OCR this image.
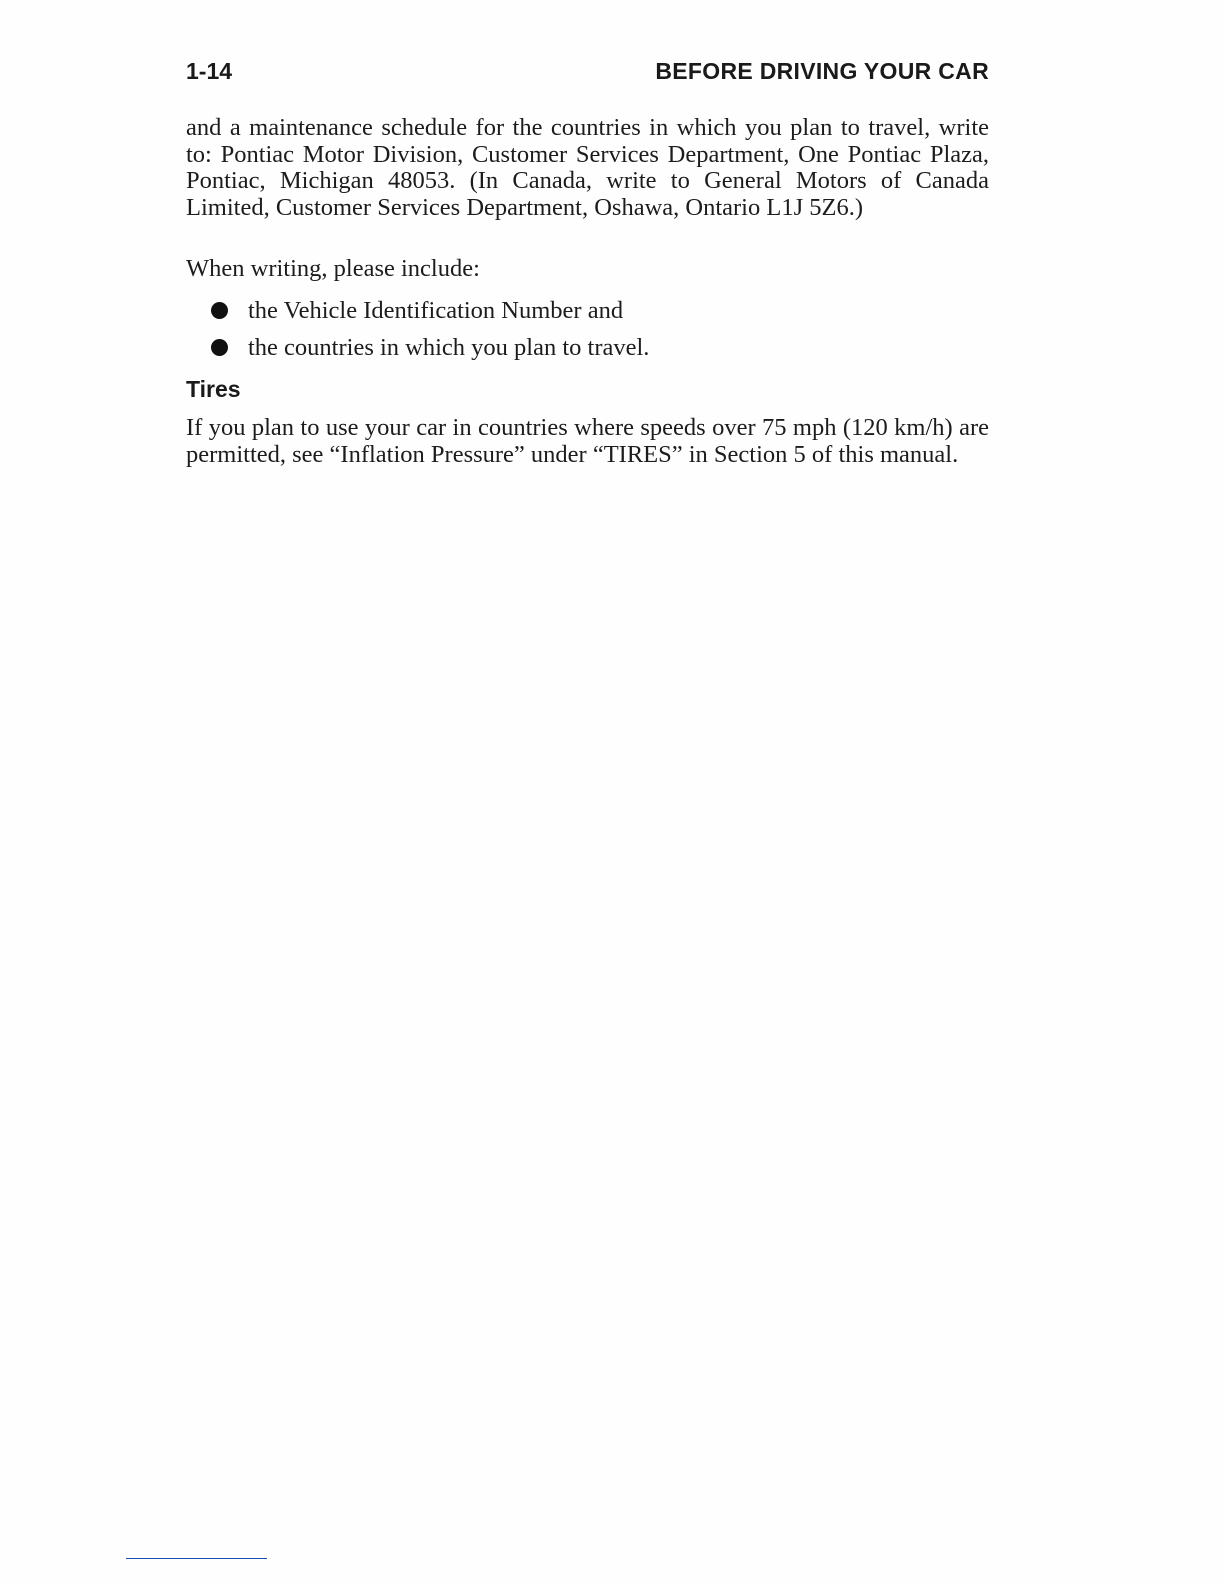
1-14	BEFORE DRIVING YOUR CAR

and a maintenance schedule for the countries in which you plan to travel, write to: Pontiac Motor Division, Customer Services Department, One Pontiac Plaza, Pontiac, Michigan 48053. (In Canada, write to General Motors of Canada Limited, Customer Services Department, Oshawa, Ontario L1J 5Z6.)

When writing, please include:

the Vehicle Identification Number and
the countries in which you plan to travel.
Tires

If you plan to use your car in countries where speeds over 75 mph (120 km/h) are permitted, see “Inflation Pressure” under “TIRES” in Section 5 of this manual.
